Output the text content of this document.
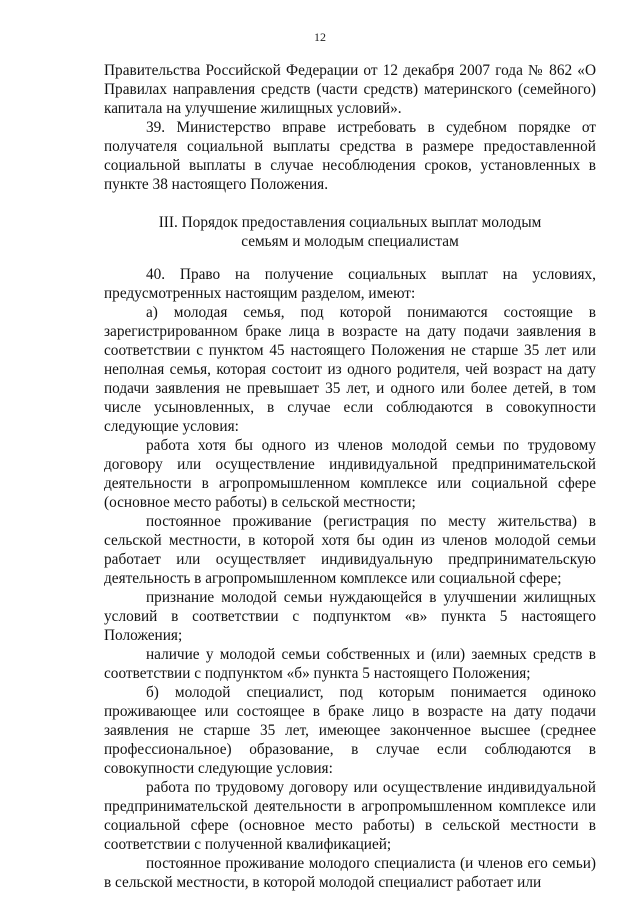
12

Правительства Российской Федерации от 12 декабря 2007 года № 862 «О Правилах направления средств (части средств) материнского (семейного) капитала на улучшение жилищных условий».

39. Министерство вправе истребовать в судебном порядке от получателя социальной выплаты средства в размере предоставленной социальной выплаты в случае несоблюдения сроков, установленных в пункте 38 настоящего Положения.

III. Порядок предоставления социальных выплат молодым
семьям и молодым специалистам

40. Право на получение социальных выплат на условиях, предусмотренных настоящим разделом, имеют:

а) молодая семья, под которой понимаются состоящие в зарегистрированном браке лица в возрасте на дату подачи заявления в соответствии с пунктом 45 настоящего Положения не старше 35 лет или неполная семья, которая состоит из одного родителя, чей возраст на дату подачи заявления не превышает 35 лет, и одного или более детей, в том числе усыновленных, в случае если соблюдаются в совокупности следующие условия:

работа хотя бы одного из членов молодой семьи по трудовому договору или осуществление индивидуальной предпринимательской деятельности в агропромышленном комплексе или социальной сфере (основное место работы) в сельской местности;

постоянное проживание (регистрация по месту жительства) в сельской местности, в которой хотя бы один из членов молодой семьи работает или осуществляет индивидуальную предпринимательскую деятельность в агропромышленном комплексе или социальной сфере;

признание молодой семьи нуждающейся в улучшении жилищных условий в соответствии с подпунктом «в» пункта 5 настоящего Положения;

наличие у молодой семьи собственных и (или) заемных средств в соответствии с подпунктом «б» пункта 5 настоящего Положения;

б) молодой специалист, под которым понимается одиноко проживающее или состоящее в браке лицо в возрасте на дату подачи заявления не старше 35 лет, имеющее законченное высшее (среднее профессиональное) образование, в случае если соблюдаются в совокупности следующие условия:

работа по трудовому договору или осуществление индивидуальной предпринимательской деятельности в агропромышленном комплексе или социальной сфере (основное место работы) в сельской местности в соответствии с полученной квалификацией;

постоянное проживание молодого специалиста (и членов его семьи) в сельской местности, в которой молодой специалист работает или
